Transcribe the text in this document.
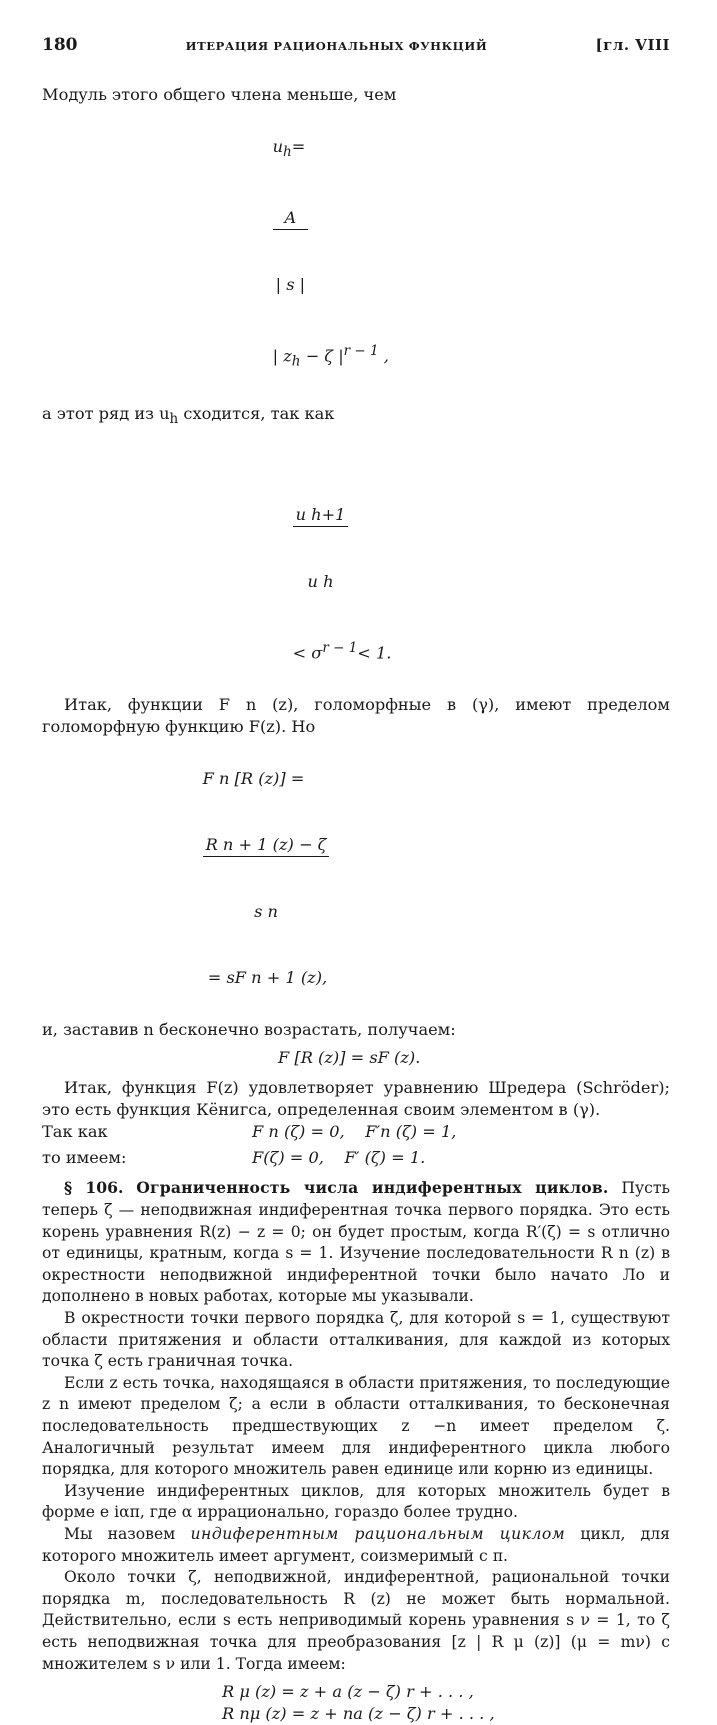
180	ИТЕРАЦИЯ РАЦИОНАЛЬНЫХ ФУНКЦИЙ	[гл. VIII

Модуль этого общего члена меньше, чем

$u_h=$

$\frac{A}{| s |}$

| $z_h - \zeta$ $|^{r - 1}$ ,

а этот ряд из $u_h$ сходится, так как

$\frac{\text{u h+1}}{\text{u h}}$

< $\sigma^{r - 1}< 1$.

Итак, функции F n (z), голоморфные в (γ), имеют пределом голоморфную функцию F(z). Но

F n [R (z)] =

$\frac{\text{R n + 1 (z) − ζ}}{\text{s n}}$

= sF n + 1 (z),

и, заставив n бесконечно возрастать, получаем:

F [R (z)] = sF (z).

Итак, функция F(z) удовлетворяет уравнению Шредера (Schröder); это есть функция Кёнигса, определенная своим элементом в (γ).

Так как	F n (ζ) = 0,    F′n (ζ) = 1,
то имеем:	F(ζ) = 0,    F′ (ζ) = 1.

§ 106. Ограниченность числа индиферентных циклов. Пусть теперь ζ — неподвижная индиферентная точка первого порядка. Это есть корень уравнения R(z) − z = 0; он будет простым, когда R′(ζ) = s отлично от единицы, кратным, когда s = 1. Изучение последовательности R n (z) в окрестности неподвижной индиферентной точки было начато Ло и дополнено в новых работах, которые мы указывали.

В окрестности точки первого порядка ζ, для которой s = 1, существуют области притяжения и области отталкивания, для каждой из которых точка ζ есть граничная точка.

Если z есть точка, находящаяся в области притяжения, то последующие z n имеют пределом ζ; а если в области отталкивания, то бесконечная последовательность предшествующих z −n имеет пределом ζ. Аналогичный результат имеем для индиферентного цикла любого порядка, для которого множитель равен единице или корню из единицы.

Изучение индиферентных циклов, для которых множитель будет в форме e iαπ, где α иррационально, гораздо более трудно.

Мы назовем индиферентным рациональным циклом цикл, для которого множитель имеет аргумент, соизмеримый с π.

Около точки ζ, неподвижной, индиферентной, рациональной точки порядка m, последовательность R (z) не может быть нормальной. Действительно, если s есть неприводимый корень уравнения s ν = 1, то ζ есть неподвижная точка для преобразования [z | R μ (z)] (μ = mν) с множителем s ν или 1. Тогда имеем:

R μ (z) = z + a (z − ζ) r + . . . ,
R nμ (z) = z + na (z − ζ) r + . . . ,
